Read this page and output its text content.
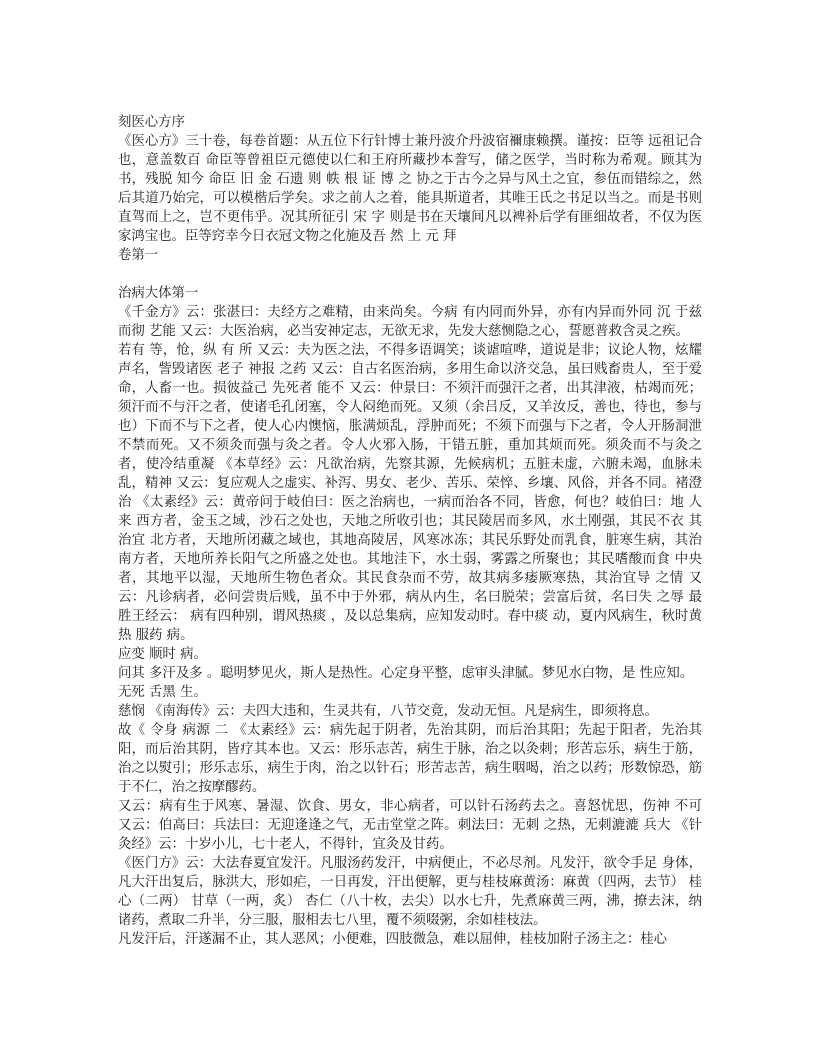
刻医心方序

《医心方》三十卷，每卷首题：从五位下行针博士兼丹波介丹波宿禰康赖撰。谨按：臣等 远祖记合 也，意盖数百 命臣等曾祖臣元德使以仁和王府所藏抄本誊写，储之医学，当时称为希观。顾其为书，残脱 知今 命臣 旧 金 石遗 则 帙 根 证 博 之 协之于古今之异与风土之宜，参伍而错综之，然后其道乃始完，可以模楷后学矣。求之前人之着，能具斯道者，其唯王氏之书足以当之。而是书则直驾而上之，岂不更伟乎。况其所征引 宋 字 则是书在天壤间凡以裨补后学有匪细故者，不仅为医家鸿宝也。臣等窍幸今日衣冠文物之化施及吾 然 上 元 拜

卷第一

治病大体第一

《千金方》云：张湛曰：夫经方之难精，由来尚矣。今病 有内同而外异，亦有内异而外同 沉 于兹 而彻 艺能 又云：大医治病，必当安神定志，无欲无求，先发大慈恻隐之心，誓愿普救含灵之疾。

若有 等，怆，纵 有 所 又云：夫为医之法，不得多语调笑；谈谑喧哗，道说是非；议论人物，炫耀声名，訾毁诸医 老子 神报 之药 又云：自古名医治病，多用生命以济交急，虽曰贱畜贵人，至于爱命，人畜一也。损彼益己 先死者 能不 又云：仲景曰：不须汗而强汗之者，出其津液，枯竭而死；须汗而不与汗之者，使诸毛孔闭塞，令人闷绝而死。又须（余吕反，又羊汝反，善也，待也，参与也）下而不与下之者，使人心内懊恼，胀满烦乱，浮肿而死；不须下而强与下之者，令人开肠洞泄不禁而死。又不须灸而强与灸之者。令人火邪入肠，干错五脏，重加其烦而死。须灸而不与灸之者，使冷结重凝 《本草经》云：凡欲治病，先察其源，先候病机；五脏未虚，六腑未竭，血脉未乱，精神 又云：复应观人之虚实、补泻、男女、老少、苦乐、荣悴、乡壤、风俗，并各不同。褚澄治 《太素经》云：黄帝问于岐伯曰：医之治病也，一病而治各不同，皆愈，何也？岐伯曰：地 人 来 西方者，金玉之域，沙石之处也，天地之所收引也；其民陵居而多风，水土刚强，其民不衣 其治宜 北方者，天地所闭藏之域也，其地高陵居，风寒冰冻；其民乐野处而乳食，脏寒生病，其治 南方者，天地所养长阳气之所盛之处也。其地洼下，水土弱，雾露之所聚也；其民嗜酸而食 中央者，其地平以湿，天地所生物色者众。其民食杂而不劳，故其病多痿厥寒热，其治宜导 之情 又云：凡诊病者，必问尝贵后贱，虽不中于外邪，病从内生，名曰脱荣；尝富后贫，名曰失 之辱 最胜王经云： 病有四种别，谓风热痰 ，及以总集病，应知发动时。春中痰 动，夏内风病生，秋时黄热 服药 病。

应变 顺时 病。

问其 多汗及多 。聪明梦见火，斯人是热性。心定身平整，虑审头津腻。梦见水白物，是 性应知。

无死 舌黑 生。

慈悯 《南海传》云：夫四大违和，生灵共有，八节交竟，发动无恒。凡是病生，即须将息。

故《 令身 病源 二 《太素经》云：病先起于阴者，先治其阴，而后治其阳；先起于阳者，先治其阳，而后治其阴，皆疗其本也。又云：形乐志苦，病生于脉，治之以灸刺；形苦忘乐，病生于筋，治之以熨引；形乐志乐，病生于肉，治之以针石；形苦志苦，病生咽喝，治之以药；形数惊恐，筋于不仁，治之按摩醪药。

又云：病有生于风寒、暑湿、饮食、男女，非心病者，可以针石汤药去之。喜怒忧思，伤神 不可 又云：伯高曰：兵法曰：无迎逢逢之气，无击堂堂之阵。刺法曰：无刺 之热，无刺漉漉 兵大 《针灸经》云：十岁小儿，七十老人，不得针，宜灸及甘药。

《医门方》云：大法春夏宜发汗。凡服汤药发汗，中病便止，不必尽剂。凡发汗，欲令手足 身体，凡大汗出复后，脉洪大，形如疟，一日再发，汗出便解，更与桂枝麻黄汤：麻黄（四两，去节） 桂心（二两） 甘草（一两，炙） 杏仁（八十枚，去尖）以水七升，先煮麻黄三两，沸，撩去沫，纳诸药，煮取二升半，分三服，服相去七八里，覆不须啜粥，余如桂枝法。

凡发汗后，汗遂漏不止，其人恶风；小便难，四肢微急，难以屈伸，桂枝加附子汤主之：桂心
